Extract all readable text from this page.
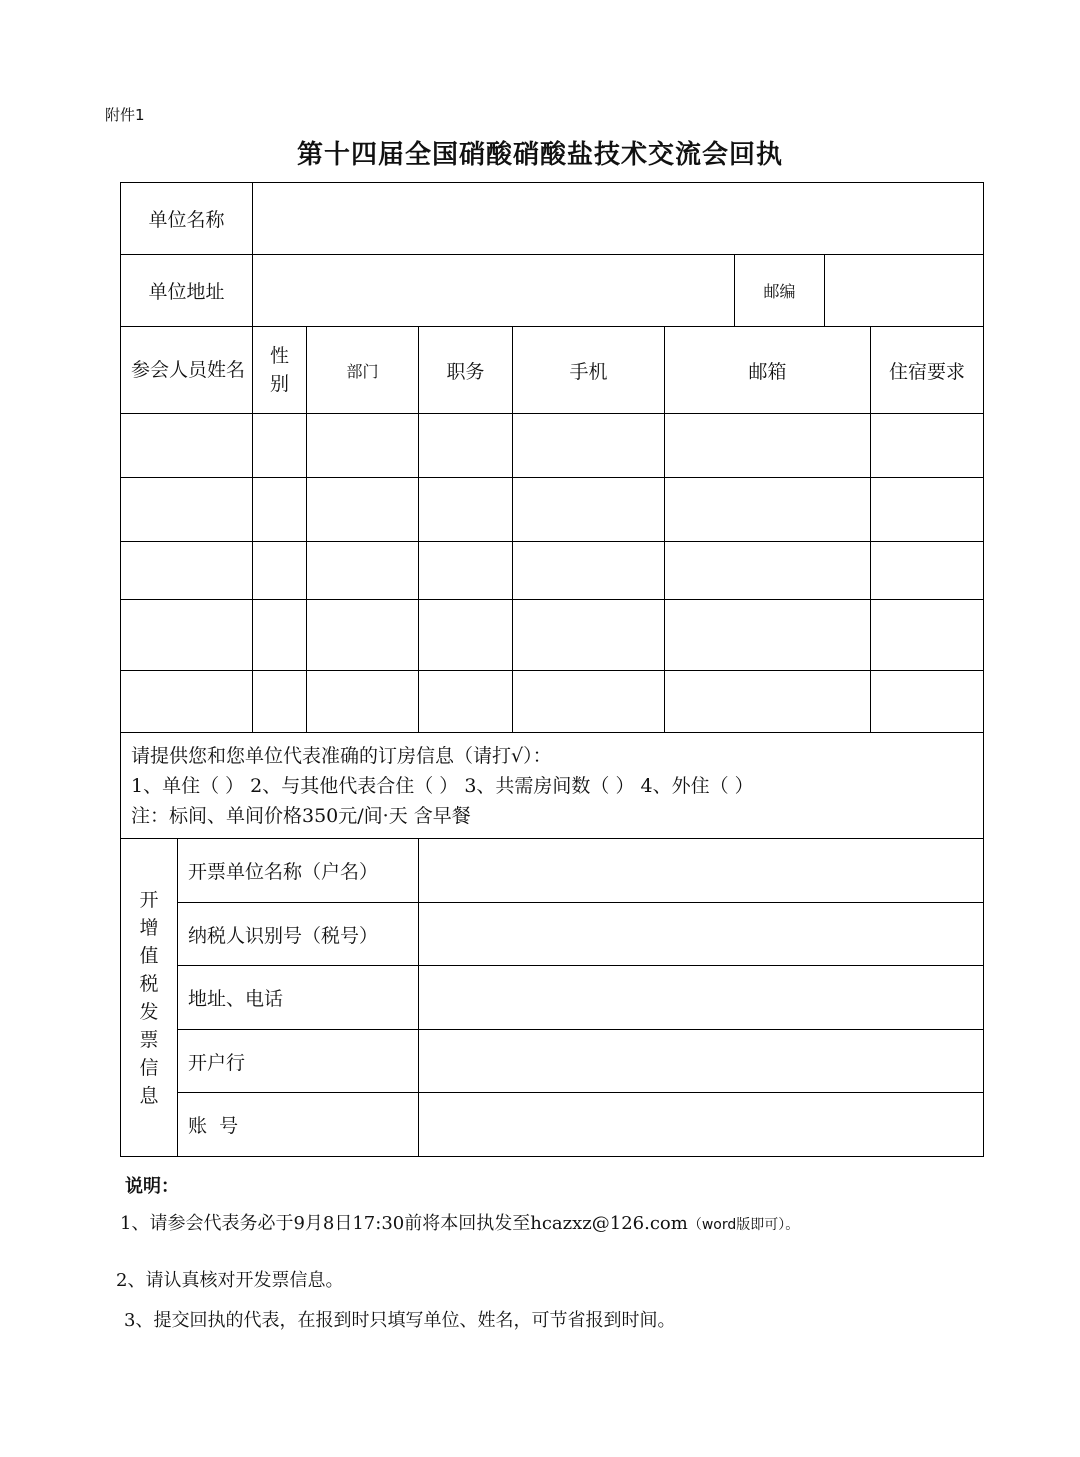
附件1
第十四届全国硝酸硝酸盐技术交流会回执
单位名称									
单位地址							邮编		
参会人员姓名		性别	部门	职务	手机	邮箱			住宿要求

请提供您和您单位代表准确的订房信息（请打√）：
1、单住（ ） 2、与其他代表合住（ ） 3、共需房间数（ ） 4、外住（ ）
注：标间、单间价格350元/间·天 含早餐									

开增值税发票信息	开票单位名称（户名）								
	纳税人识别号（税号）								
	地址、电话								
	开户行								
	账  号								
说明：
1、请参会代表务必于9月8日17:30前将本回执发至hcazxz@126.com（word版即可）。
2、请认真核对开发票信息。
3、提交回执的代表，在报到时只填写单位、姓名，可节省报到时间。
